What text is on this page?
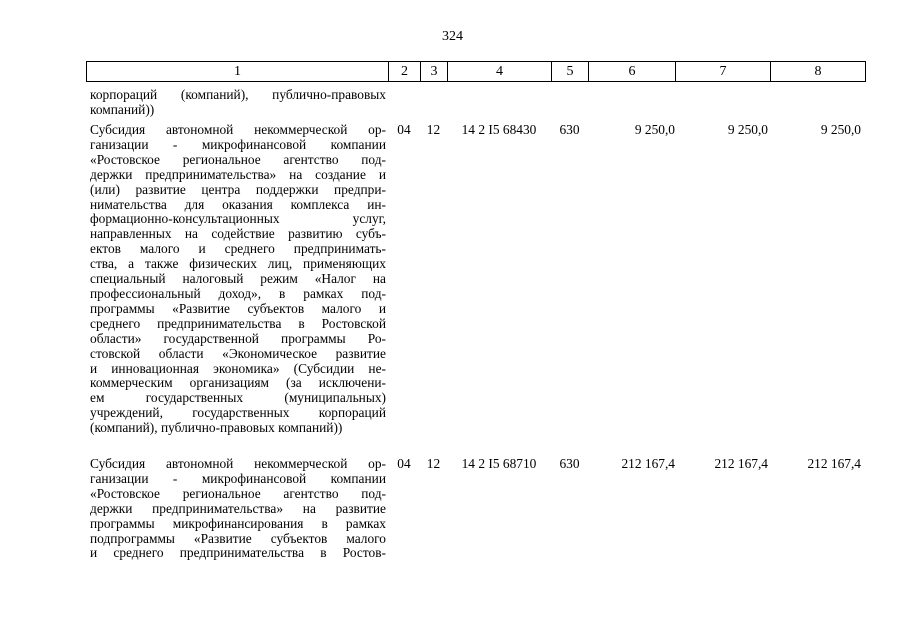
324
1	2	3	4	5	6	7	8
корпораций (компаний), публично-правовых
компаний))
Субсидия автономной некоммерческой ор-
ганизации - микрофинансовой компании
«Ростовское региональное агентство под-
держки предпринимательства» на создание и
(или) развитие центра поддержки предпри-
нимательства для оказания комплекса ин-
формационно-консультационных услуг,
направленных на содействие развитию субъ-
ектов малого и среднего предпринимать-
ства, а также физических лиц, применяющих
специальный налоговый режим «Налог на
профессиональный доход», в рамках под-
программы «Развитие субъектов малого и
среднего предпринимательства в Ростовской
области» государственной программы Ро-
стовской области «Экономическое развитие
и инновационная экономика» (Субсидии не-
коммерческим организациям (за исключени-
ем государственных (муниципальных)
учреждений, государственных корпораций
(компаний), публично-правовых компаний))
04	12	14 2 I5 68430	630	9 250,0	9 250,0	9 250,0
Субсидия автономной некоммерческой ор-
ганизации - микрофинансовой компании
«Ростовское региональное агентство под-
держки предпринимательства» на развитие
программы микрофинансирования в рамках
подпрограммы «Развитие субъектов малого
и среднего предпринимательства в Ростов-
04	12	14 2 I5 68710	630	212 167,4	212 167,4	212 167,4
